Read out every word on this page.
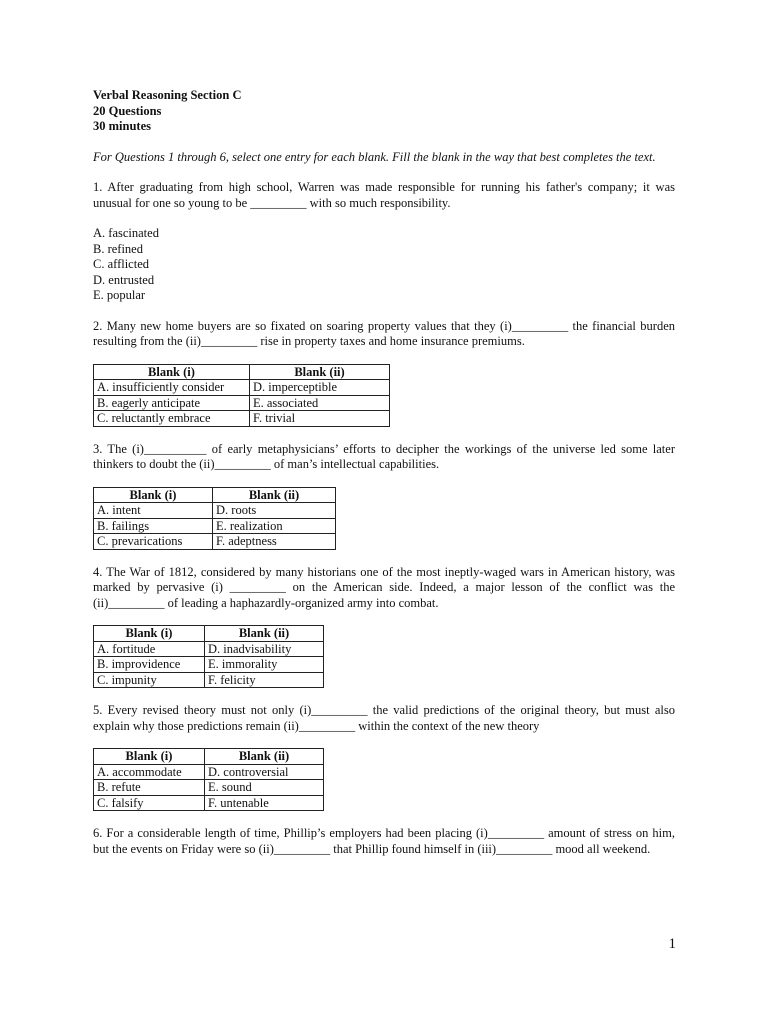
Verbal Reasoning Section C
20 Questions
30 minutes
For Questions 1 through 6, select one entry for each blank. Fill the blank in the way that best completes the text.
1. After graduating from high school, Warren was made responsible for running his father's company; it was unusual for one so young to be _________ with so much responsibility.
A. fascinated
B. refined
C. afflicted
D. entrusted
E. popular
2. Many new home buyers are so fixated on soaring property values that they (i)_________ the financial burden resulting from the (ii)_________ rise in property taxes and home insurance premiums.
Blank (i)	Blank (ii)
A. insufficiently consider	D. imperceptible
B. eagerly anticipate	E. associated
C. reluctantly embrace	F. trivial
3. The (i)__________ of early metaphysicians’ efforts to decipher the workings of the universe led some later thinkers to doubt the (ii)_________ of man’s intellectual capabilities.
Blank (i)	Blank (ii)
A. intent	D. roots
B. failings	E. realization
C. prevarications	F. adeptness
4. The War of 1812, considered by many historians one of the most ineptly-waged wars in American history, was marked by pervasive (i) _________ on the American side. Indeed, a major lesson of the conflict was the (ii)_________ of leading a haphazardly-organized army into combat.
Blank (i)	Blank (ii)
A. fortitude	D. inadvisability
B. improvidence	E. immorality
C. impunity	F. felicity
5. Every revised theory must not only (i)_________ the valid predictions of the original theory, but must also explain why those predictions remain (ii)_________ within the context of the new theory
Blank (i)	Blank (ii)
A. accommodate	D. controversial
B. refute	E. sound
C. falsify	F. untenable
6. For a considerable length of time, Phillip’s employers had been placing (i)_________ amount of stress on him, but the events on Friday were so (ii)_________ that Phillip found himself in (iii)_________ mood all weekend.
1
